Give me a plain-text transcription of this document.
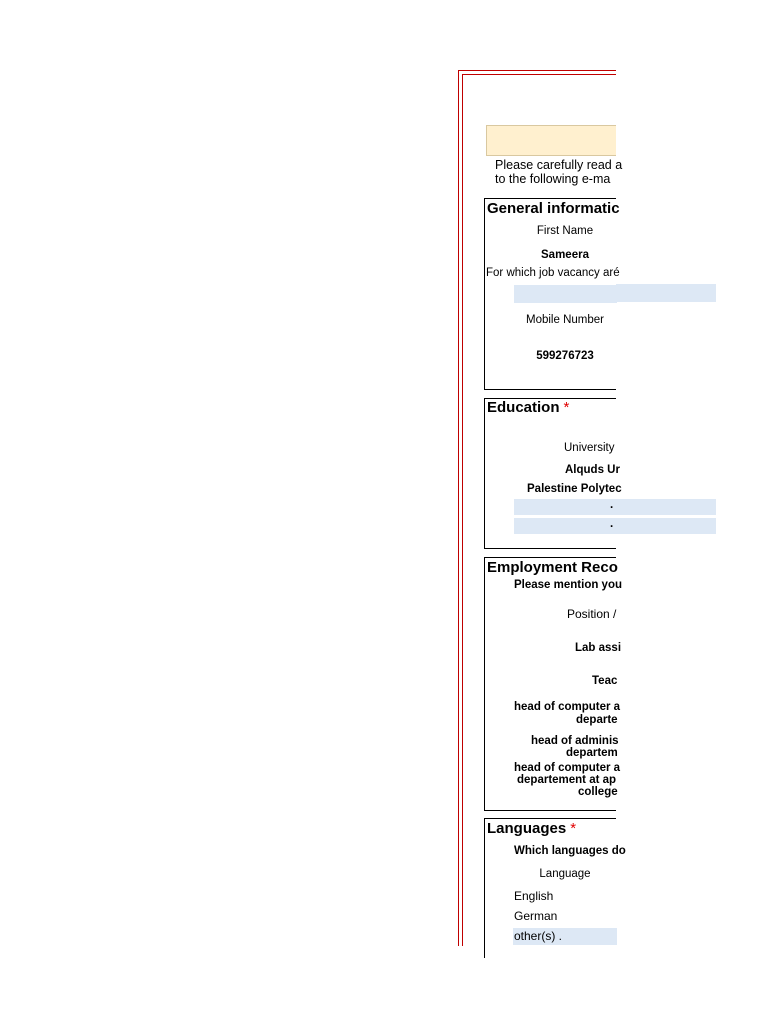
Please carefully read a
to the following e-ma
General informatic
First Name
Sameera
For which job vacancy aré
Mobile Number
599276723
Education *
University
Alquds Ur
Palestine Polytec
.
.
Employment Reco
Please mention you
Position /
Lab assi
Teac
head of computer a
departe
head of adminis
departem
head of computer a
departement at ap
college
Languages *
Which languages do
Language
English
German
other(s) .
